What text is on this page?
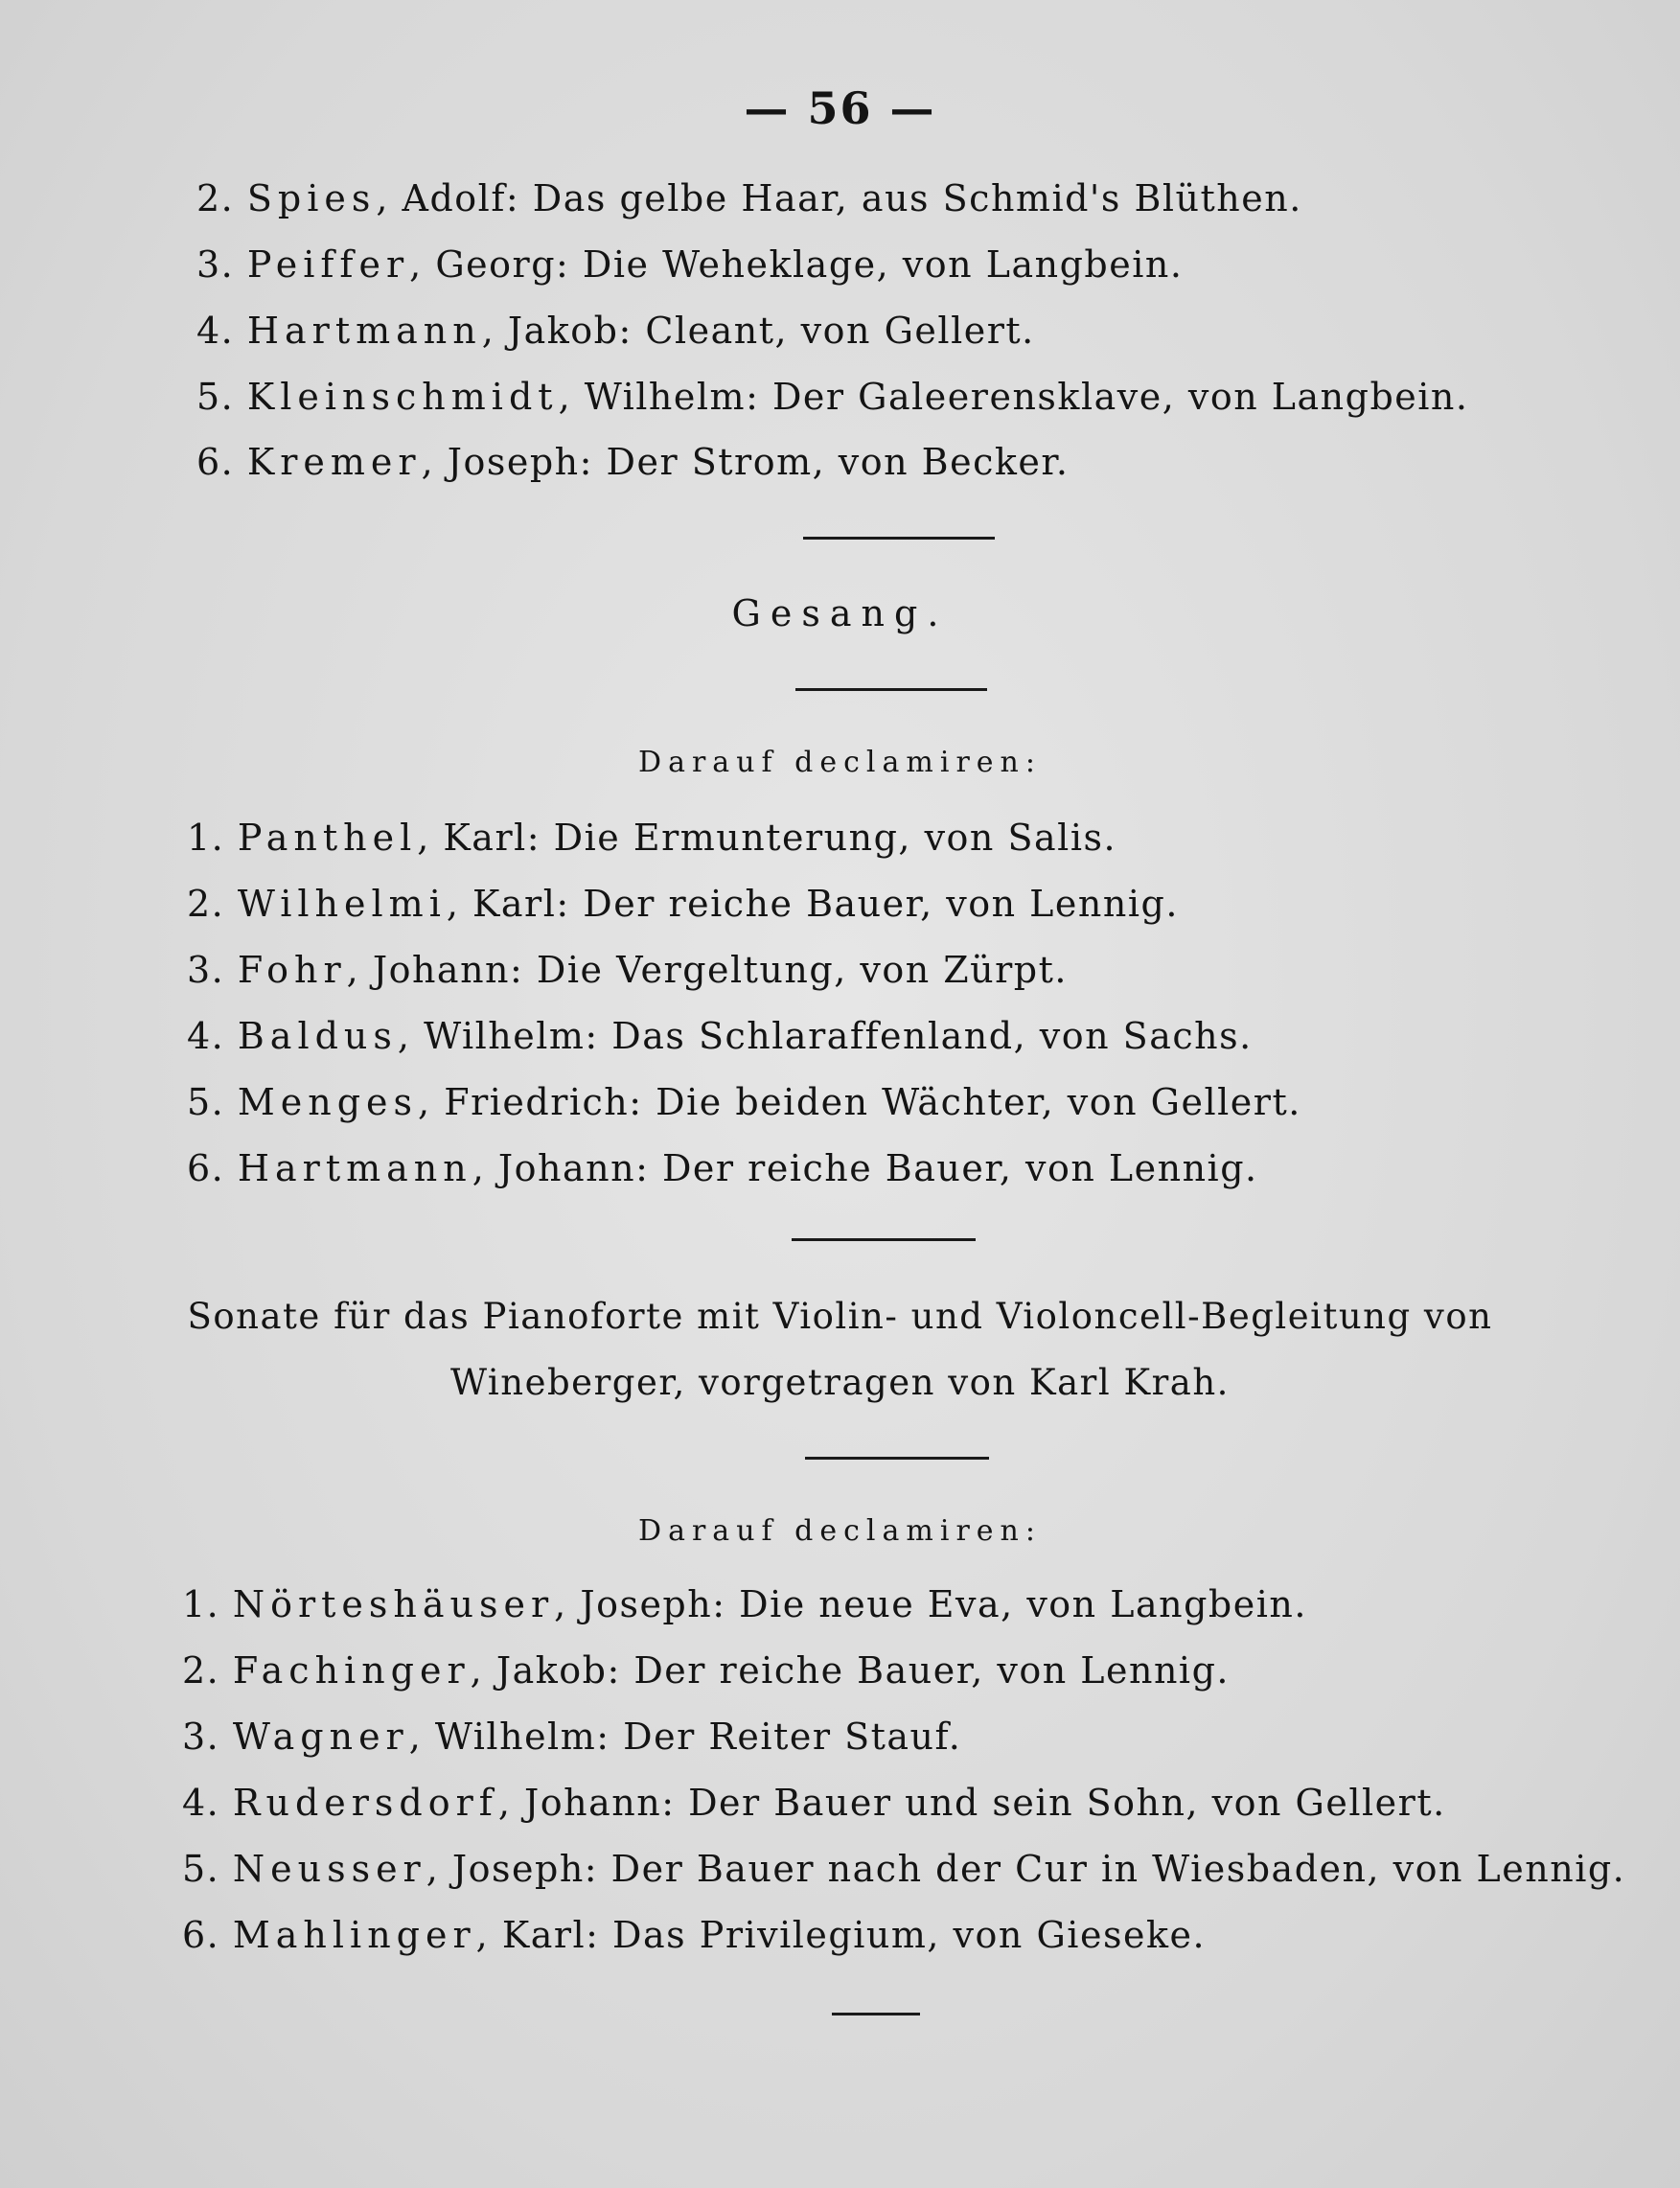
— 56 —
2. Spies, Adolf: Das gelbe Haar, aus Schmid's Blüthen.
3. Peiffer, Georg: Die Weheklage, von Langbein.
4. Hartmann, Jakob: Cleant, von Gellert.
5. Kleinschmidt, Wilhelm: Der Galeerensklave, von Langbein.
6. Kremer, Joseph: Der Strom, von Becker.
Gesang.
Darauf declamiren:
1. Panthel, Karl: Die Ermunterung, von Salis.
2. Wilhelmi, Karl: Der reiche Bauer, von Lennig.
3. Fohr, Johann: Die Vergeltung, von Zürpt.
4. Baldus, Wilhelm: Das Schlaraffenland, von Sachs.
5. Menges, Friedrich: Die beiden Wächter, von Gellert.
6. Hartmann, Johann: Der reiche Bauer, von Lennig.
Sonate für das Pianoforte mit Violin- und Violoncell-Begleitung von
Wineberger, vorgetragen von Karl Krah.
Darauf declamiren:
1. Nörteshäuser, Joseph: Die neue Eva, von Langbein.
2. Fachinger, Jakob: Der reiche Bauer, von Lennig.
3. Wagner, Wilhelm: Der Reiter Stauf.
4. Rudersdorf, Johann: Der Bauer und sein Sohn, von Gellert.
5. Neusser, Joseph: Der Bauer nach der Cur in Wiesbaden, von Lennig.
6. Mahlinger, Karl: Das Privilegium, von Gieseke.
